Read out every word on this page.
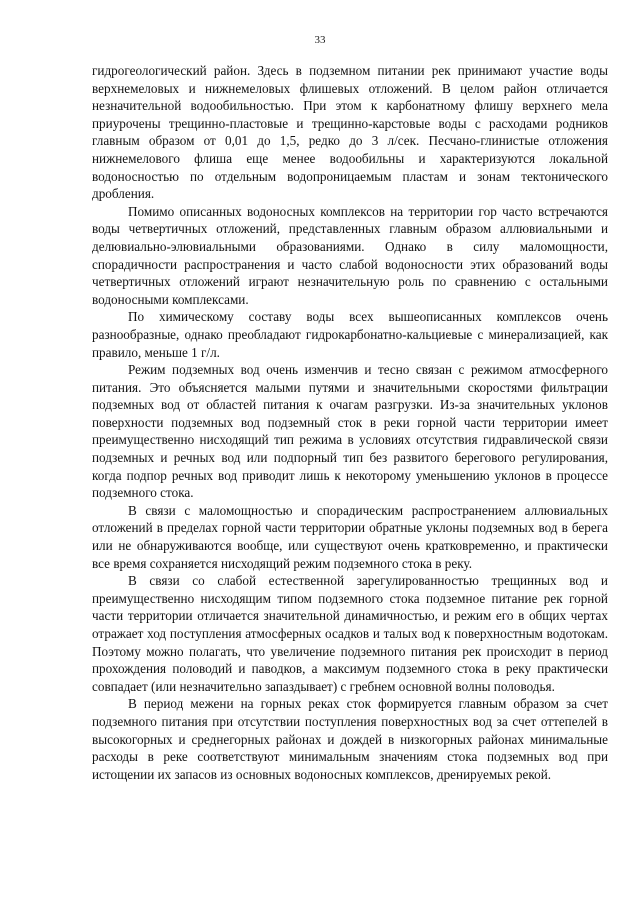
33

гидрогеологический район. Здесь в подземном питании рек принимают участие воды верхнемеловых и нижнемеловых флишевых отложений. В целом район отличается незначительной водообильностью. При этом к карбонатному флишу верхнего мела приурочены трещинно-пластовые и трещинно-карстовые воды с расходами родников главным образом от 0,01 до 1,5, редко до 3 л/сек. Песчано-глинистые отложения нижнемелового флиша еще менее водообильны и характеризуются локальной водоносностью по отдельным водопроницаемым пластам и зонам тектонического дробления.

Помимо описанных водоносных комплексов на территории гор часто встречаются воды четвертичных отложений, представленных главным образом аллювиальными и делювиально-элювиальными образованиями. Однако в силу маломощности, спорадичности распространения и часто слабой водоносности этих образований воды четвертичных отложений играют незначительную роль по сравнению с остальными водоносными комплексами.

По химическому составу воды всех вышеописанных комплексов очень разнообразные, однако преобладают гидрокарбонатно-кальциевые с минерализацией, как правило, меньше 1 г/л.

Режим подземных вод очень изменчив и тесно связан с режимом атмосферного питания. Это объясняется малыми путями и значительными скоростями фильтрации подземных вод от областей питания к очагам разгрузки. Из-за значительных уклонов поверхности подземных вод подземный сток в реки горной части территории имеет преимущественно нисходящий тип режима в условиях отсутствия гидравлической связи подземных и речных вод или подпорный тип без развитого берегового регулирования, когда подпор речных вод приводит лишь к некоторому уменьшению уклонов в процессе подземного стока.

В связи с маломощностью и спорадическим распространением аллювиальных отложений в пределах горной части территории обратные уклоны подземных вод в берега или не обнаруживаются вообще, или существуют очень кратковременно, и практически все время сохраняется нисходящий режим подземного стока в реку.

В связи со слабой естественной зарегулированностью трещинных вод и преимущественно нисходящим типом подземного стока подземное питание рек горной части территории отличается значительной динамичностью, и режим его в общих чертах отражает ход поступления атмосферных осадков и талых вод к поверхностным водотокам. Поэтому можно полагать, что увеличение подземного питания рек происходит в период прохождения половодий и паводков, а максимум подземного стока в реку практически совпадает (или незначительно запаздывает) с гребнем основной волны половодья.

В период межени на горных реках сток формируется главным образом за счет подземного питания при отсутствии поступления поверхностных вод за счет оттепелей в высокогорных и среднегорных районах и дождей в низкогорных районах минимальные расходы в реке соответствуют минимальным значениям стока подземных вод при истощении их запасов из основных водоносных комплексов, дренируемых рекой.
